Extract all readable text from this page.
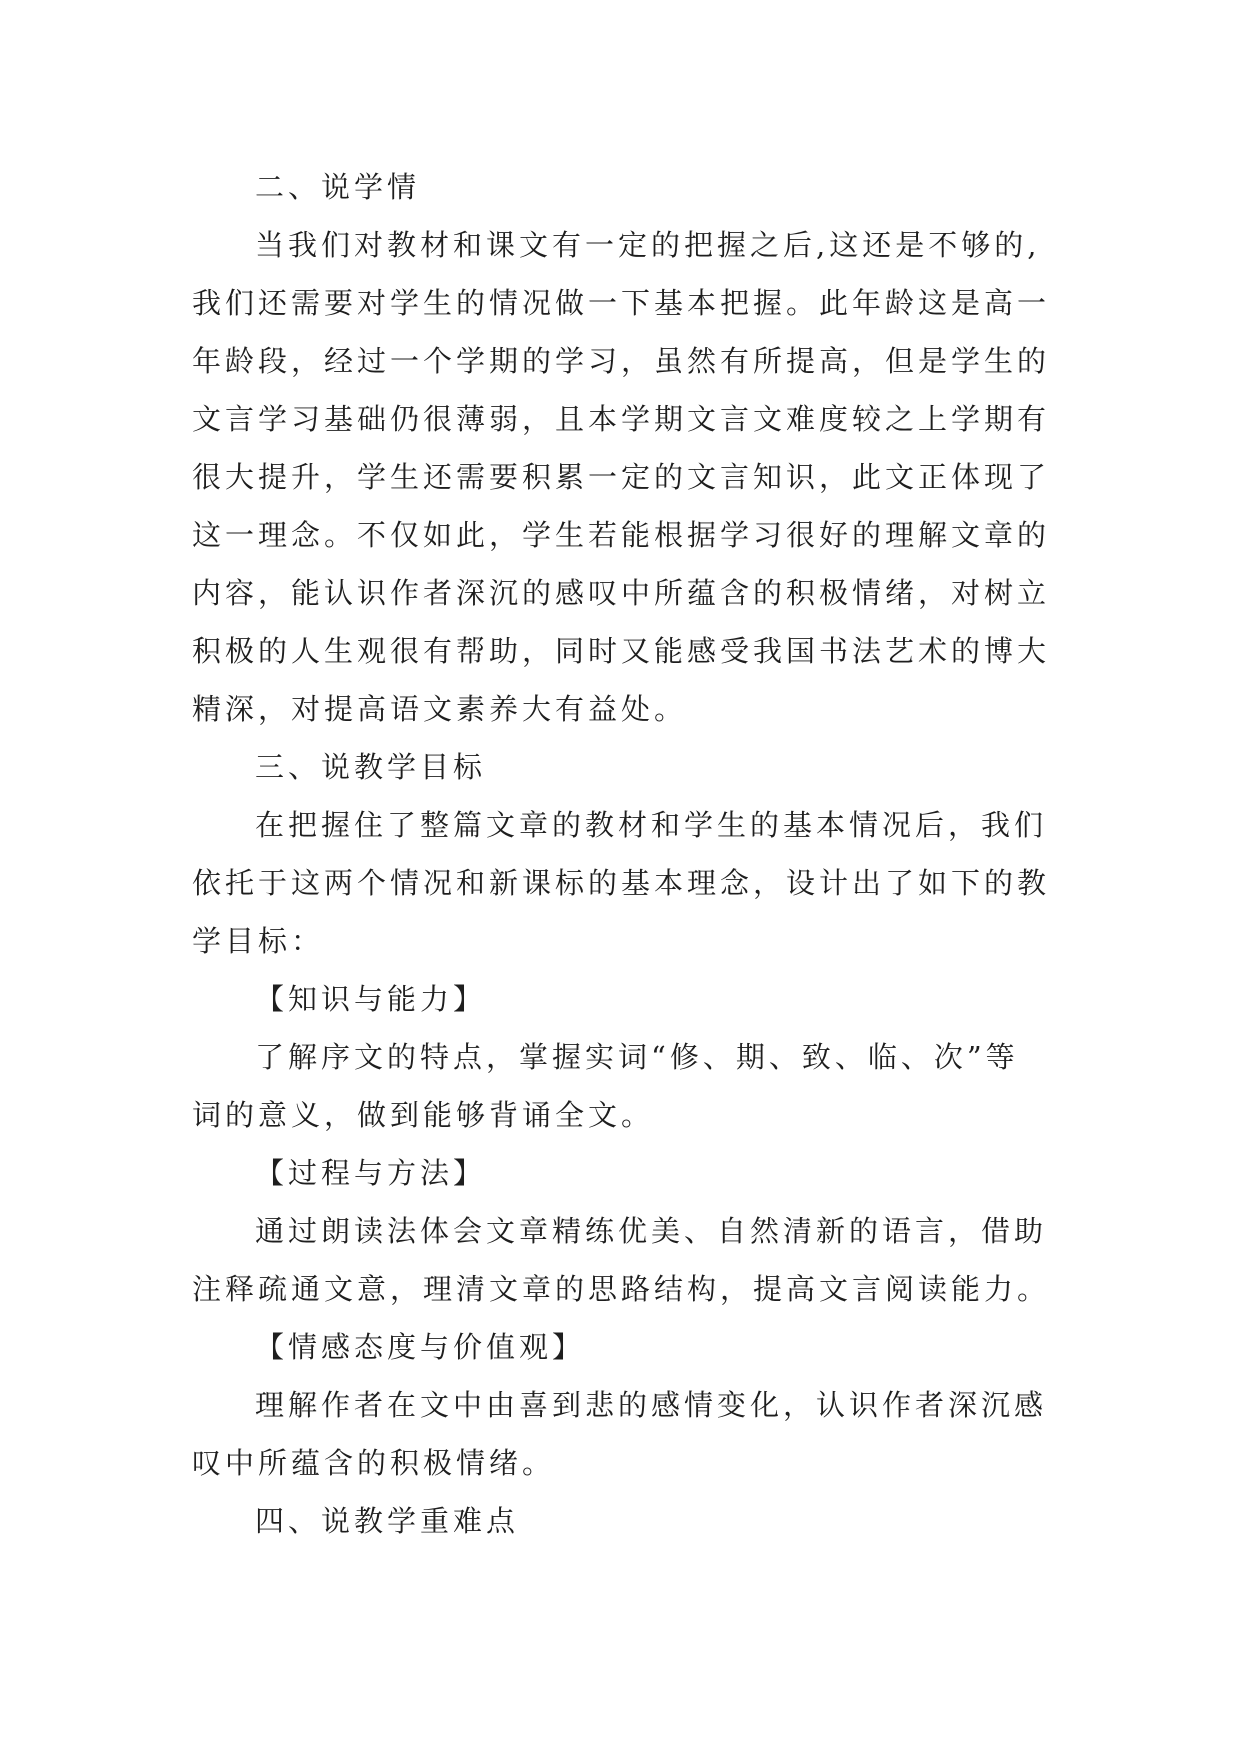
二、说学情
当我们对教材和课文有一定的把握之后,这还是不够的,
我们还需要对学生的情况做一下基本把握。此年龄这是高一
年龄段，经过一个学期的学习，虽然有所提高，但是学生的
文言学习基础仍很薄弱，且本学期文言文难度较之上学期有
很大提升，学生还需要积累一定的文言知识，此文正体现了
这一理念。不仅如此，学生若能根据学习很好的理解文章的
内容，能认识作者深沉的感叹中所蕴含的积极情绪，对树立
积极的人生观很有帮助，同时又能感受我国书法艺术的博大
精深，对提高语文素养大有益处。
三、说教学目标
在把握住了整篇文章的教材和学生的基本情况后，我们
依托于这两个情况和新课标的基本理念，设计出了如下的教
学目标：
【知识与能力】
了解序文的特点，掌握实词“修、期、致、临、次”等
词的意义，做到能够背诵全文。
【过程与方法】
通过朗读法体会文章精练优美、自然清新的语言，借助
注释疏通文意，理清文章的思路结构，提高文言阅读能力。
【情感态度与价值观】
理解作者在文中由喜到悲的感情变化，认识作者深沉感
叹中所蕴含的积极情绪。
四、说教学重难点
